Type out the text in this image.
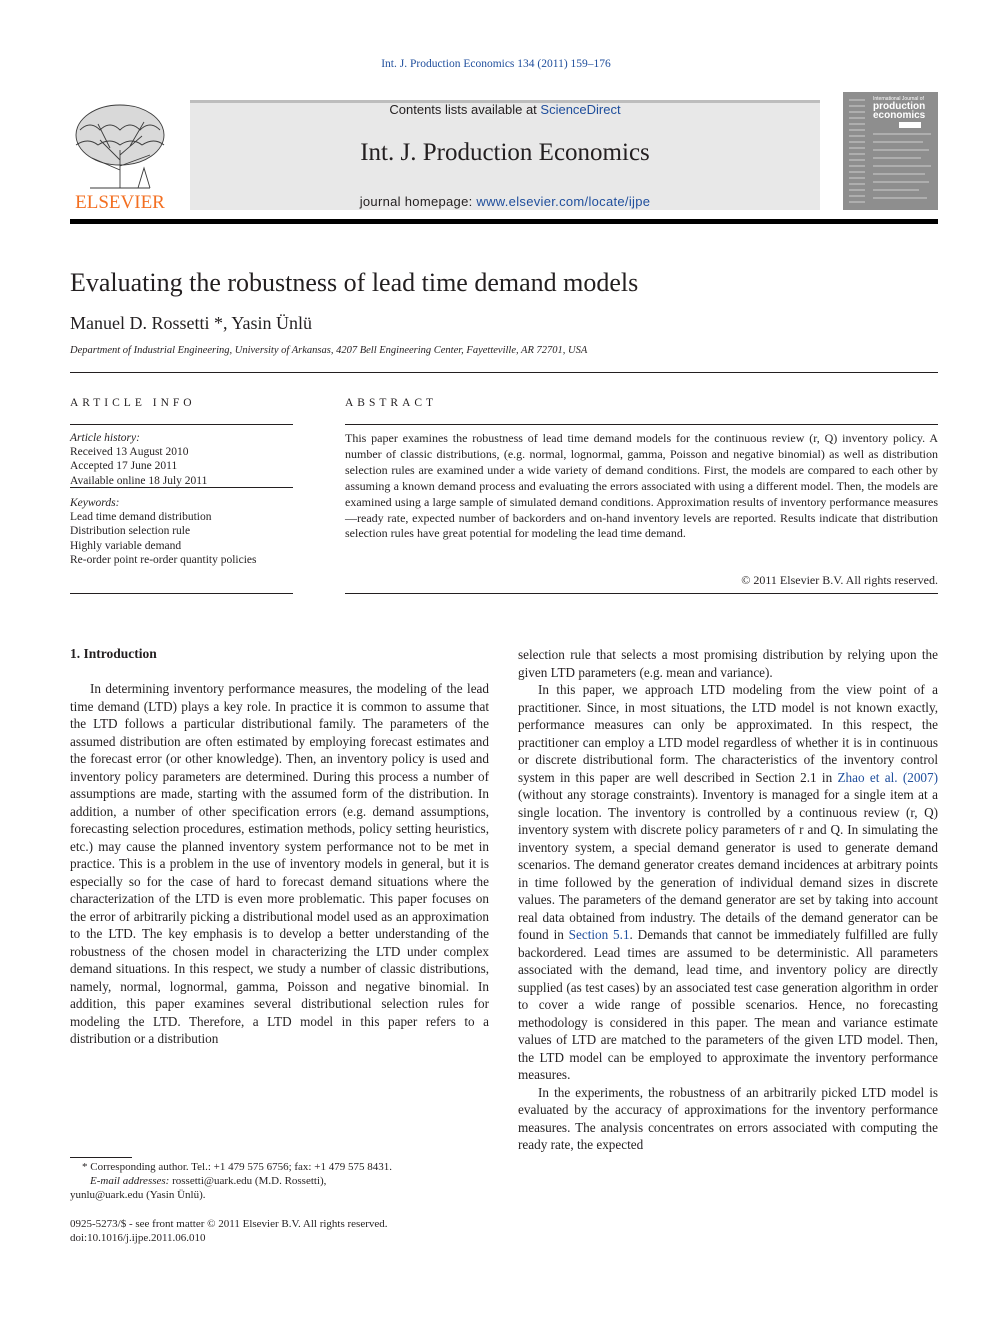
Int. J. Production Economics 134 (2011) 159–176
ELSEVIER
Contents lists available at ScienceDirect
Int. J. Production Economics
journal homepage: www.elsevier.com/locate/ijpe
International Journal of
production
economics
Evaluating the robustness of lead time demand models
Manuel D. Rossetti *, Yasin Ünlü
Department of Industrial Engineering, University of Arkansas, 4207 Bell Engineering Center, Fayetteville, AR 72701, USA
ARTICLE INFO
Article history:
Received 13 August 2010
Accepted 17 June 2011
Available online 18 July 2011
Keywords:
Lead time demand distribution
Distribution selection rule
Highly variable demand
Re-order point re-order quantity policies
ABSTRACT
This paper examines the robustness of lead time demand models for the continuous review (r, Q) inventory policy. A number of classic distributions, (e.g. normal, lognormal, gamma, Poisson and negative binomial) as well as distribution selection rules are examined under a wide variety of demand conditions. First, the models are compared to each other by assuming a known demand process and evaluating the errors associated with using a different model. Then, the models are examined using a large sample of simulated demand conditions. Approximation results of inventory performance measures—ready rate, expected number of backorders and on-hand inventory levels are reported. Results indicate that distribution selection rules have great potential for modeling the lead time demand.
© 2011 Elsevier B.V. All rights reserved.
1. Introduction

In determining inventory performance measures, the modeling of the lead time demand (LTD) plays a key role. In practice it is common to assume that the LTD follows a particular distributional family. The parameters of the assumed distribution are often estimated by employing forecast estimates and the forecast error (or other knowledge). Then, an inventory policy is used and inventory policy parameters are determined. During this process a number of assumptions are made, starting with the assumed form of the distribution. In addition, a number of other specification errors (e.g. demand assumptions, forecasting selection procedures, estimation methods, policy setting heuristics, etc.) may cause the planned inventory system performance not to be met in practice. This is a problem in the use of inventory models in general, but it is especially so for the case of hard to forecast demand situations where the characterization of the LTD is even more problematic. This paper focuses on the error of arbitrarily picking a distributional model used as an approximation to the LTD. The key emphasis is to develop a better understanding of the robustness of the chosen model in characterizing the LTD under complex demand situations. In this respect, we study a number of classic distributions, namely, normal, lognormal, gamma, Poisson and negative binomial. In addition, this paper examines several distributional selection rules for modeling the LTD. Therefore, a LTD model in this paper refers to a distribution or a distribution

selection rule that selects a most promising distribution by relying upon the given LTD parameters (e.g. mean and variance).

In this paper, we approach LTD modeling from the view point of a practitioner. Since, in most situations, the LTD model is not known exactly, performance measures can only be approximated. In this respect, the practitioner can employ a LTD model regardless of whether it is in continuous or discrete distributional form. The characteristics of the inventory control system in this paper are well described in Section 2.1 in Zhao et al. (2007) (without any storage constraints). Inventory is managed for a single item at a single location. The inventory is controlled by a continuous review (r, Q) inventory system with discrete policy parameters of r and Q. In simulating the inventory system, a special demand generator is used to generate demand scenarios. The demand generator creates demand incidences at arbitrary points in time followed by the generation of individual demand sizes in discrete values. The parameters of the demand generator are set by taking into account real data obtained from industry. The details of the demand generator can be found in Section 5.1. Demands that cannot be immediately fulfilled are fully backordered. Lead times are assumed to be deterministic. All parameters associated with the demand, lead time, and inventory policy are directly supplied (as test cases) by an associated test case generation algorithm in order to cover a wide range of possible scenarios. Hence, no forecasting methodology is considered in this paper. The mean and variance estimate values of LTD are matched to the parameters of the given LTD model. Then, the LTD model can be employed to approximate the inventory performance measures.

In the experiments, the robustness of an arbitrarily picked LTD model is evaluated by the accuracy of approximations for the inventory performance measures. The analysis concentrates on errors associated with computing the ready rate, the expected

* Corresponding author. Tel.: +1 479 575 6756; fax: +1 479 575 8431.
E-mail addresses: rossetti@uark.edu (M.D. Rossetti),
yunlu@uark.edu (Yasin Ünlü).
0925-5273/$ - see front matter © 2011 Elsevier B.V. All rights reserved.
doi:10.1016/j.ijpe.2011.06.010
